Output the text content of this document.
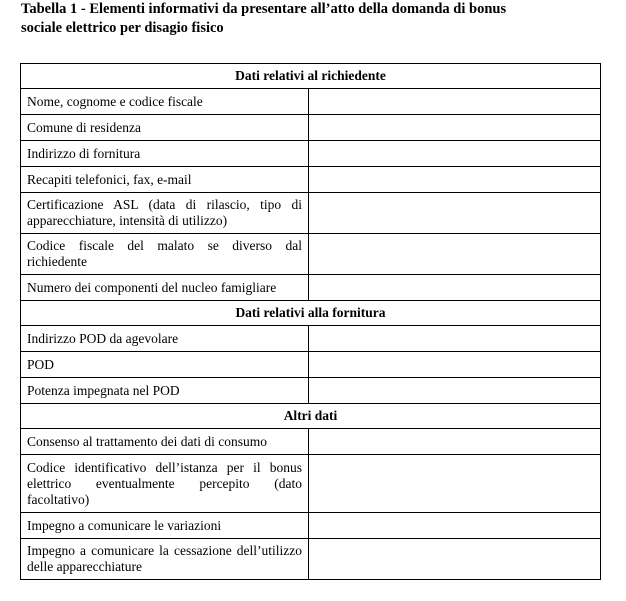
Tabella 1 - Elementi informativi da presentare all’atto della domanda di bonus
sociale elettrico per disagio fisico
Dati relativi al richiedente	
Nome, cognome e codice fiscale	
Comune di residenza	
Indirizzo di fornitura	
Recapiti telefonici, fax, e-mail	
Certificazione ASL (data di rilascio, tipo di apparecchiature, intensità di utilizzo)	
Codice fiscale del malato se diverso dal richiedente	
Numero dei componenti del nucleo famigliare	
Dati relativi alla fornitura	
Indirizzo POD da agevolare	
POD	
Potenza impegnata nel POD	
Altri dati	
Consenso al trattamento dei dati di consumo	
Codice identificativo dell’istanza per il bonus elettrico eventualmente percepito (dato facoltativo)	
Impegno a comunicare le variazioni	
Impegno a comunicare la cessazione dell’utilizzo delle apparecchiature	
